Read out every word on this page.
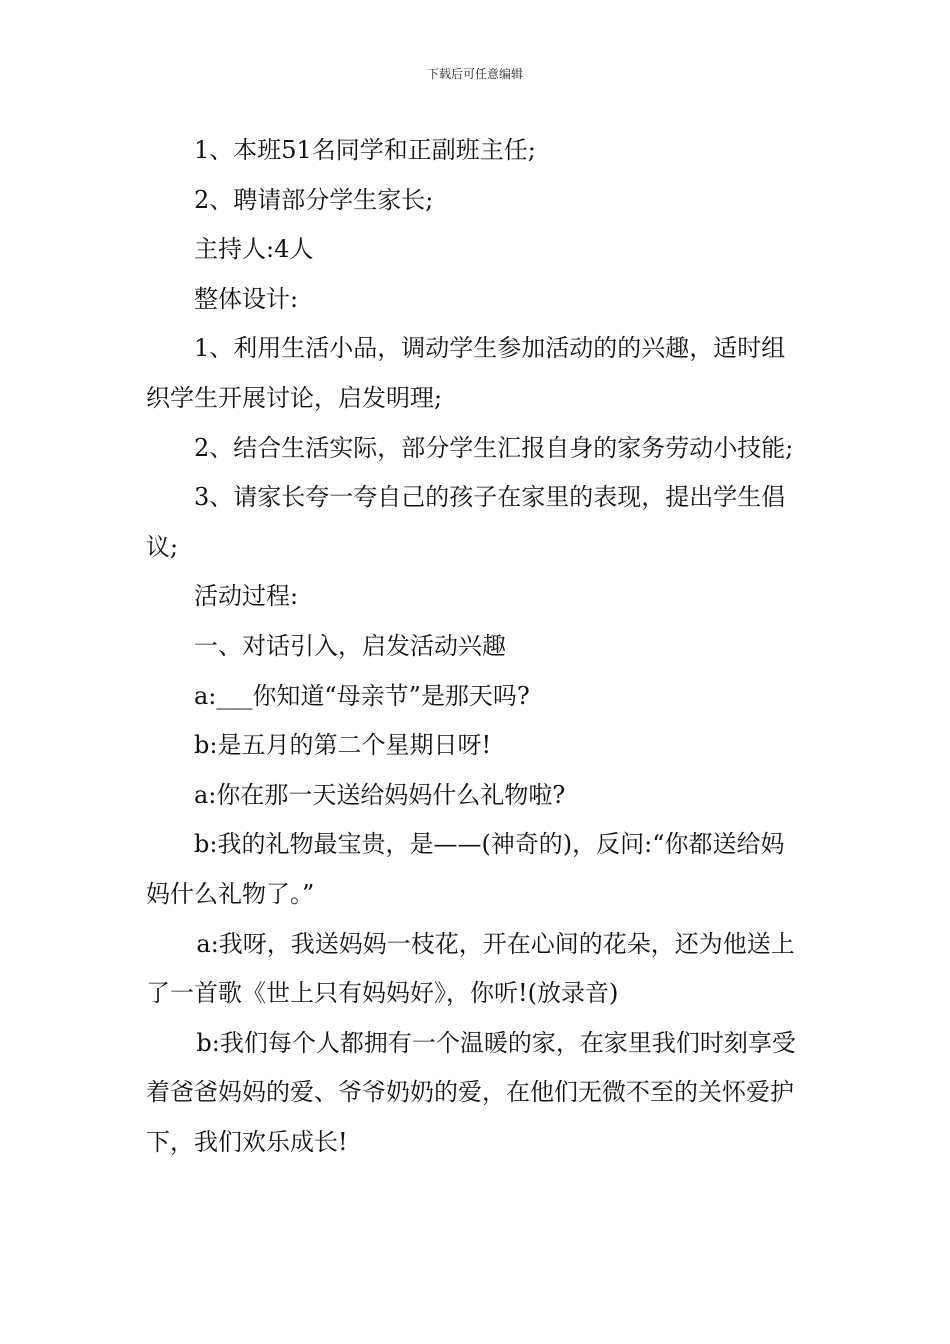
下载后可任意编辑

1、本班51名同学和正副班主任;

2、聘请部分学生家长;

主持人:4人

整体设计:

1、利用生活小品，调动学生参加活动的的兴趣，适时组织学生开展讨论，启发明理;

2、结合生活实际，部分学生汇报自身的家务劳动小技能;

3、请家长夸一夸自己的孩子在家里的表现，提出学生倡议;

活动过程:

一、对话引入，启发活动兴趣

a:___你知道“母亲节”是那天吗?

b:是五月的第二个星期日呀!

a:你在那一天送给妈妈什么礼物啦?

b:我的礼物最宝贵，是——(神奇的)，反问:“你都送给妈妈什么礼物了。”

a:我呀，我送妈妈一枝花，开在心间的花朵，还为他送上了一首歌《世上只有妈妈好》，你听!(放录音)

b:我们每个人都拥有一个温暖的家，在家里我们时刻享受着爸爸妈妈的爱、爷爷奶奶的爱，在他们无微不至的关怀爱护下，我们欢乐成长!
